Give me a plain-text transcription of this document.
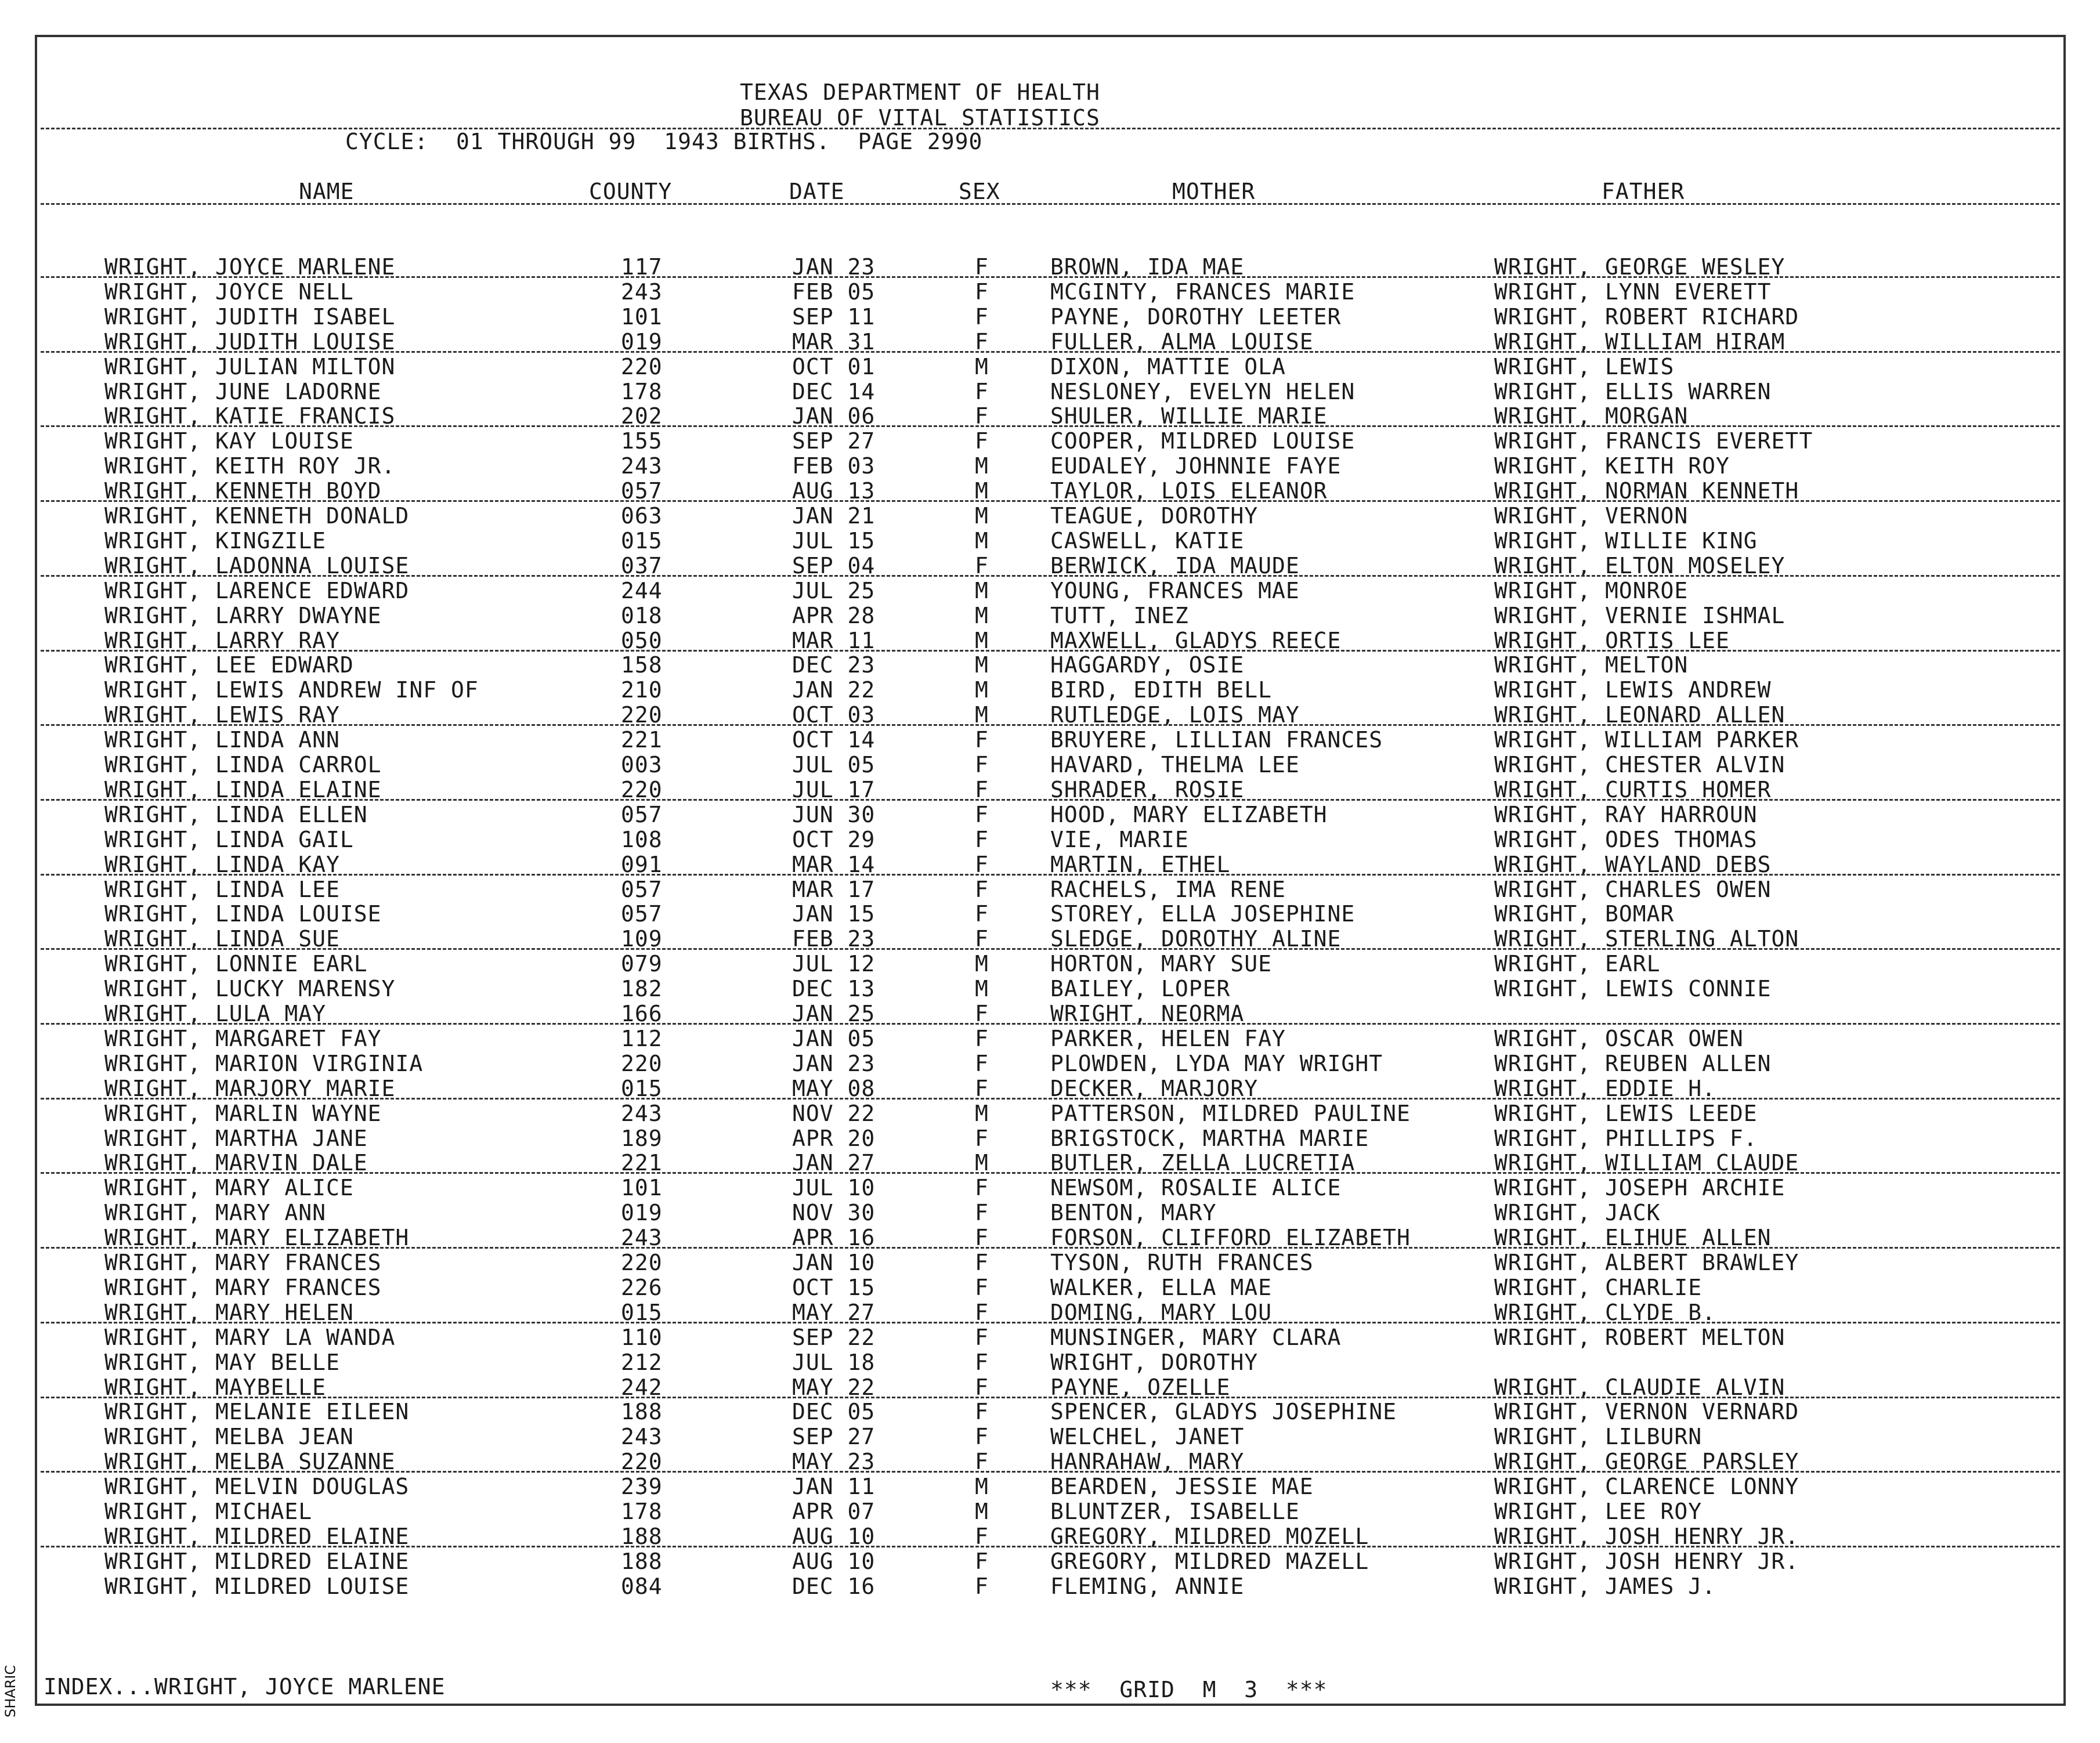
TEXAS DEPARTMENT OF HEALTH
BUREAU OF VITAL STATISTICS
CYCLE:  01 THROUGH 99  1943 BIRTHS.  PAGE 2990
NAME	COUNTY	DATE	SEX	MOTHER	FATHER
WRIGHT, JOYCE MARLENE	117	JAN 23	F	BROWN, IDA MAE	WRIGHT, GEORGE WESLEY
WRIGHT, JOYCE NELL	243	FEB 05	F	MCGINTY, FRANCES MARIE	WRIGHT, LYNN EVERETT
WRIGHT, JUDITH ISABEL	101	SEP 11	F	PAYNE, DOROTHY LEETER	WRIGHT, ROBERT RICHARD
WRIGHT, JUDITH LOUISE	019	MAR 31	F	FULLER, ALMA LOUISE	WRIGHT, WILLIAM HIRAM
WRIGHT, JULIAN MILTON	220	OCT 01	M	DIXON, MATTIE OLA	WRIGHT, LEWIS
WRIGHT, JUNE LADORNE	178	DEC 14	F	NESLONEY, EVELYN HELEN	WRIGHT, ELLIS WARREN
WRIGHT, KATIE FRANCIS	202	JAN 06	F	SHULER, WILLIE MARIE	WRIGHT, MORGAN
WRIGHT, KAY LOUISE	155	SEP 27	F	COOPER, MILDRED LOUISE	WRIGHT, FRANCIS EVERETT
WRIGHT, KEITH ROY JR.	243	FEB 03	M	EUDALEY, JOHNNIE FAYE	WRIGHT, KEITH ROY
WRIGHT, KENNETH BOYD	057	AUG 13	M	TAYLOR, LOIS ELEANOR	WRIGHT, NORMAN KENNETH
WRIGHT, KENNETH DONALD	063	JAN 21	M	TEAGUE, DOROTHY	WRIGHT, VERNON
WRIGHT, KINGZILE	015	JUL 15	M	CASWELL, KATIE	WRIGHT, WILLIE KING
WRIGHT, LADONNA LOUISE	037	SEP 04	F	BERWICK, IDA MAUDE	WRIGHT, ELTON MOSELEY
WRIGHT, LARENCE EDWARD	244	JUL 25	M	YOUNG, FRANCES MAE	WRIGHT, MONROE
WRIGHT, LARRY DWAYNE	018	APR 28	M	TUTT, INEZ	WRIGHT, VERNIE ISHMAL
WRIGHT, LARRY RAY	050	MAR 11	M	MAXWELL, GLADYS REECE	WRIGHT, ORTIS LEE
WRIGHT, LEE EDWARD	158	DEC 23	M	HAGGARDY, OSIE	WRIGHT, MELTON
WRIGHT, LEWIS ANDREW INF OF	210	JAN 22	M	BIRD, EDITH BELL	WRIGHT, LEWIS ANDREW
WRIGHT, LEWIS RAY	220	OCT 03	M	RUTLEDGE, LOIS MAY	WRIGHT, LEONARD ALLEN
WRIGHT, LINDA ANN	221	OCT 14	F	BRUYERE, LILLIAN FRANCES	WRIGHT, WILLIAM PARKER
WRIGHT, LINDA CARROL	003	JUL 05	F	HAVARD, THELMA LEE	WRIGHT, CHESTER ALVIN
WRIGHT, LINDA ELAINE	220	JUL 17	F	SHRADER, ROSIE	WRIGHT, CURTIS HOMER
WRIGHT, LINDA ELLEN	057	JUN 30	F	HOOD, MARY ELIZABETH	WRIGHT, RAY HARROUN
WRIGHT, LINDA GAIL	108	OCT 29	F	VIE, MARIE	WRIGHT, ODES THOMAS
WRIGHT, LINDA KAY	091	MAR 14	F	MARTIN, ETHEL	WRIGHT, WAYLAND DEBS
WRIGHT, LINDA LEE	057	MAR 17	F	RACHELS, IMA RENE	WRIGHT, CHARLES OWEN
WRIGHT, LINDA LOUISE	057	JAN 15	F	STOREY, ELLA JOSEPHINE	WRIGHT, BOMAR
WRIGHT, LINDA SUE	109	FEB 23	F	SLEDGE, DOROTHY ALINE	WRIGHT, STERLING ALTON
WRIGHT, LONNIE EARL	079	JUL 12	M	HORTON, MARY SUE	WRIGHT, EARL
WRIGHT, LUCKY MARENSY	182	DEC 13	M	BAILEY, LOPER	WRIGHT, LEWIS CONNIE
WRIGHT, LULA MAY	166	JAN 25	F	WRIGHT, NEORMA
WRIGHT, MARGARET FAY	112	JAN 05	F	PARKER, HELEN FAY	WRIGHT, OSCAR OWEN
WRIGHT, MARION VIRGINIA	220	JAN 23	F	PLOWDEN, LYDA MAY WRIGHT	WRIGHT, REUBEN ALLEN
WRIGHT, MARJORY MARIE	015	MAY 08	F	DECKER, MARJORY	WRIGHT, EDDIE H.
WRIGHT, MARLIN WAYNE	243	NOV 22	M	PATTERSON, MILDRED PAULINE	WRIGHT, LEWIS LEEDE
WRIGHT, MARTHA JANE	189	APR 20	F	BRIGSTOCK, MARTHA MARIE	WRIGHT, PHILLIPS F.
WRIGHT, MARVIN DALE	221	JAN 27	M	BUTLER, ZELLA LUCRETIA	WRIGHT, WILLIAM CLAUDE
WRIGHT, MARY ALICE	101	JUL 10	F	NEWSOM, ROSALIE ALICE	WRIGHT, JOSEPH ARCHIE
WRIGHT, MARY ANN	019	NOV 30	F	BENTON, MARY	WRIGHT, JACK
WRIGHT, MARY ELIZABETH	243	APR 16	F	FORSON, CLIFFORD ELIZABETH	WRIGHT, ELIHUE ALLEN
WRIGHT, MARY FRANCES	220	JAN 10	F	TYSON, RUTH FRANCES	WRIGHT, ALBERT BRAWLEY
WRIGHT, MARY FRANCES	226	OCT 15	F	WALKER, ELLA MAE	WRIGHT, CHARLIE
WRIGHT, MARY HELEN	015	MAY 27	F	DOMING, MARY LOU	WRIGHT, CLYDE B.
WRIGHT, MARY LA WANDA	110	SEP 22	F	MUNSINGER, MARY CLARA	WRIGHT, ROBERT MELTON
WRIGHT, MAY BELLE	212	JUL 18	F	WRIGHT, DOROTHY
WRIGHT, MAYBELLE	242	MAY 22	F	PAYNE, OZELLE	WRIGHT, CLAUDIE ALVIN
WRIGHT, MELANIE EILEEN	188	DEC 05	F	SPENCER, GLADYS JOSEPHINE	WRIGHT, VERNON VERNARD
WRIGHT, MELBA JEAN	243	SEP 27	F	WELCHEL, JANET	WRIGHT, LILBURN
WRIGHT, MELBA SUZANNE	220	MAY 23	F	HANRAHAW, MARY	WRIGHT, GEORGE PARSLEY
WRIGHT, MELVIN DOUGLAS	239	JAN 11	M	BEARDEN, JESSIE MAE	WRIGHT, CLARENCE LONNY
WRIGHT, MICHAEL	178	APR 07	M	BLUNTZER, ISABELLE	WRIGHT, LEE ROY
WRIGHT, MILDRED ELAINE	188	AUG 10	F	GREGORY, MILDRED MOZELL	WRIGHT, JOSH HENRY JR.
WRIGHT, MILDRED ELAINE	188	AUG 10	F	GREGORY, MILDRED MAZELL	WRIGHT, JOSH HENRY JR.
WRIGHT, MILDRED LOUISE	084	DEC 16	F	FLEMING, ANNIE	WRIGHT, JAMES J.
INDEX...WRIGHT, JOYCE MARLENE	***  GRID  M  3  ***
SHARIC
